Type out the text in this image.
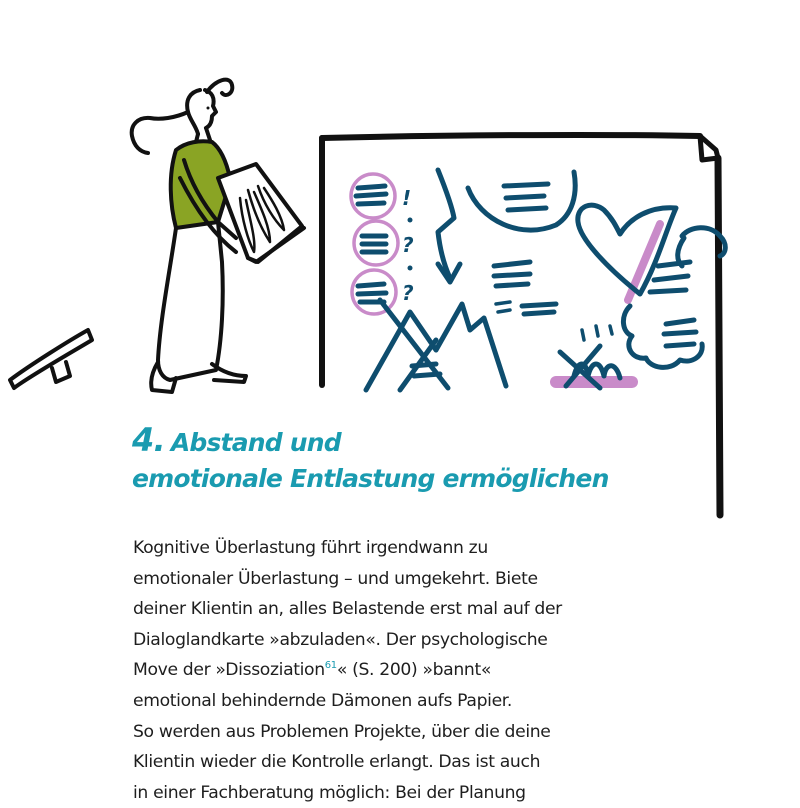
!
?
?
4. Abstand und
emotionale Entlastung ermöglichen

Kognitive Überlastung führt irgendwann zu
emotionaler Überlastung – und umgekehrt. Biete
deiner Klientin an, alles Belastende erst mal auf der
Dialoglandkarte »abzuladen«. Der psychologische
Move der »Dissoziation$^{61}$« (S. 200) »bannt«
emotional behindernde Dämonen aufs Papier.
So werden aus Problemen Projekte, über die deine
Klientin wieder die Kontrolle erlangt. Das ist auch
in einer Fachberatung möglich: Bei der Planung
